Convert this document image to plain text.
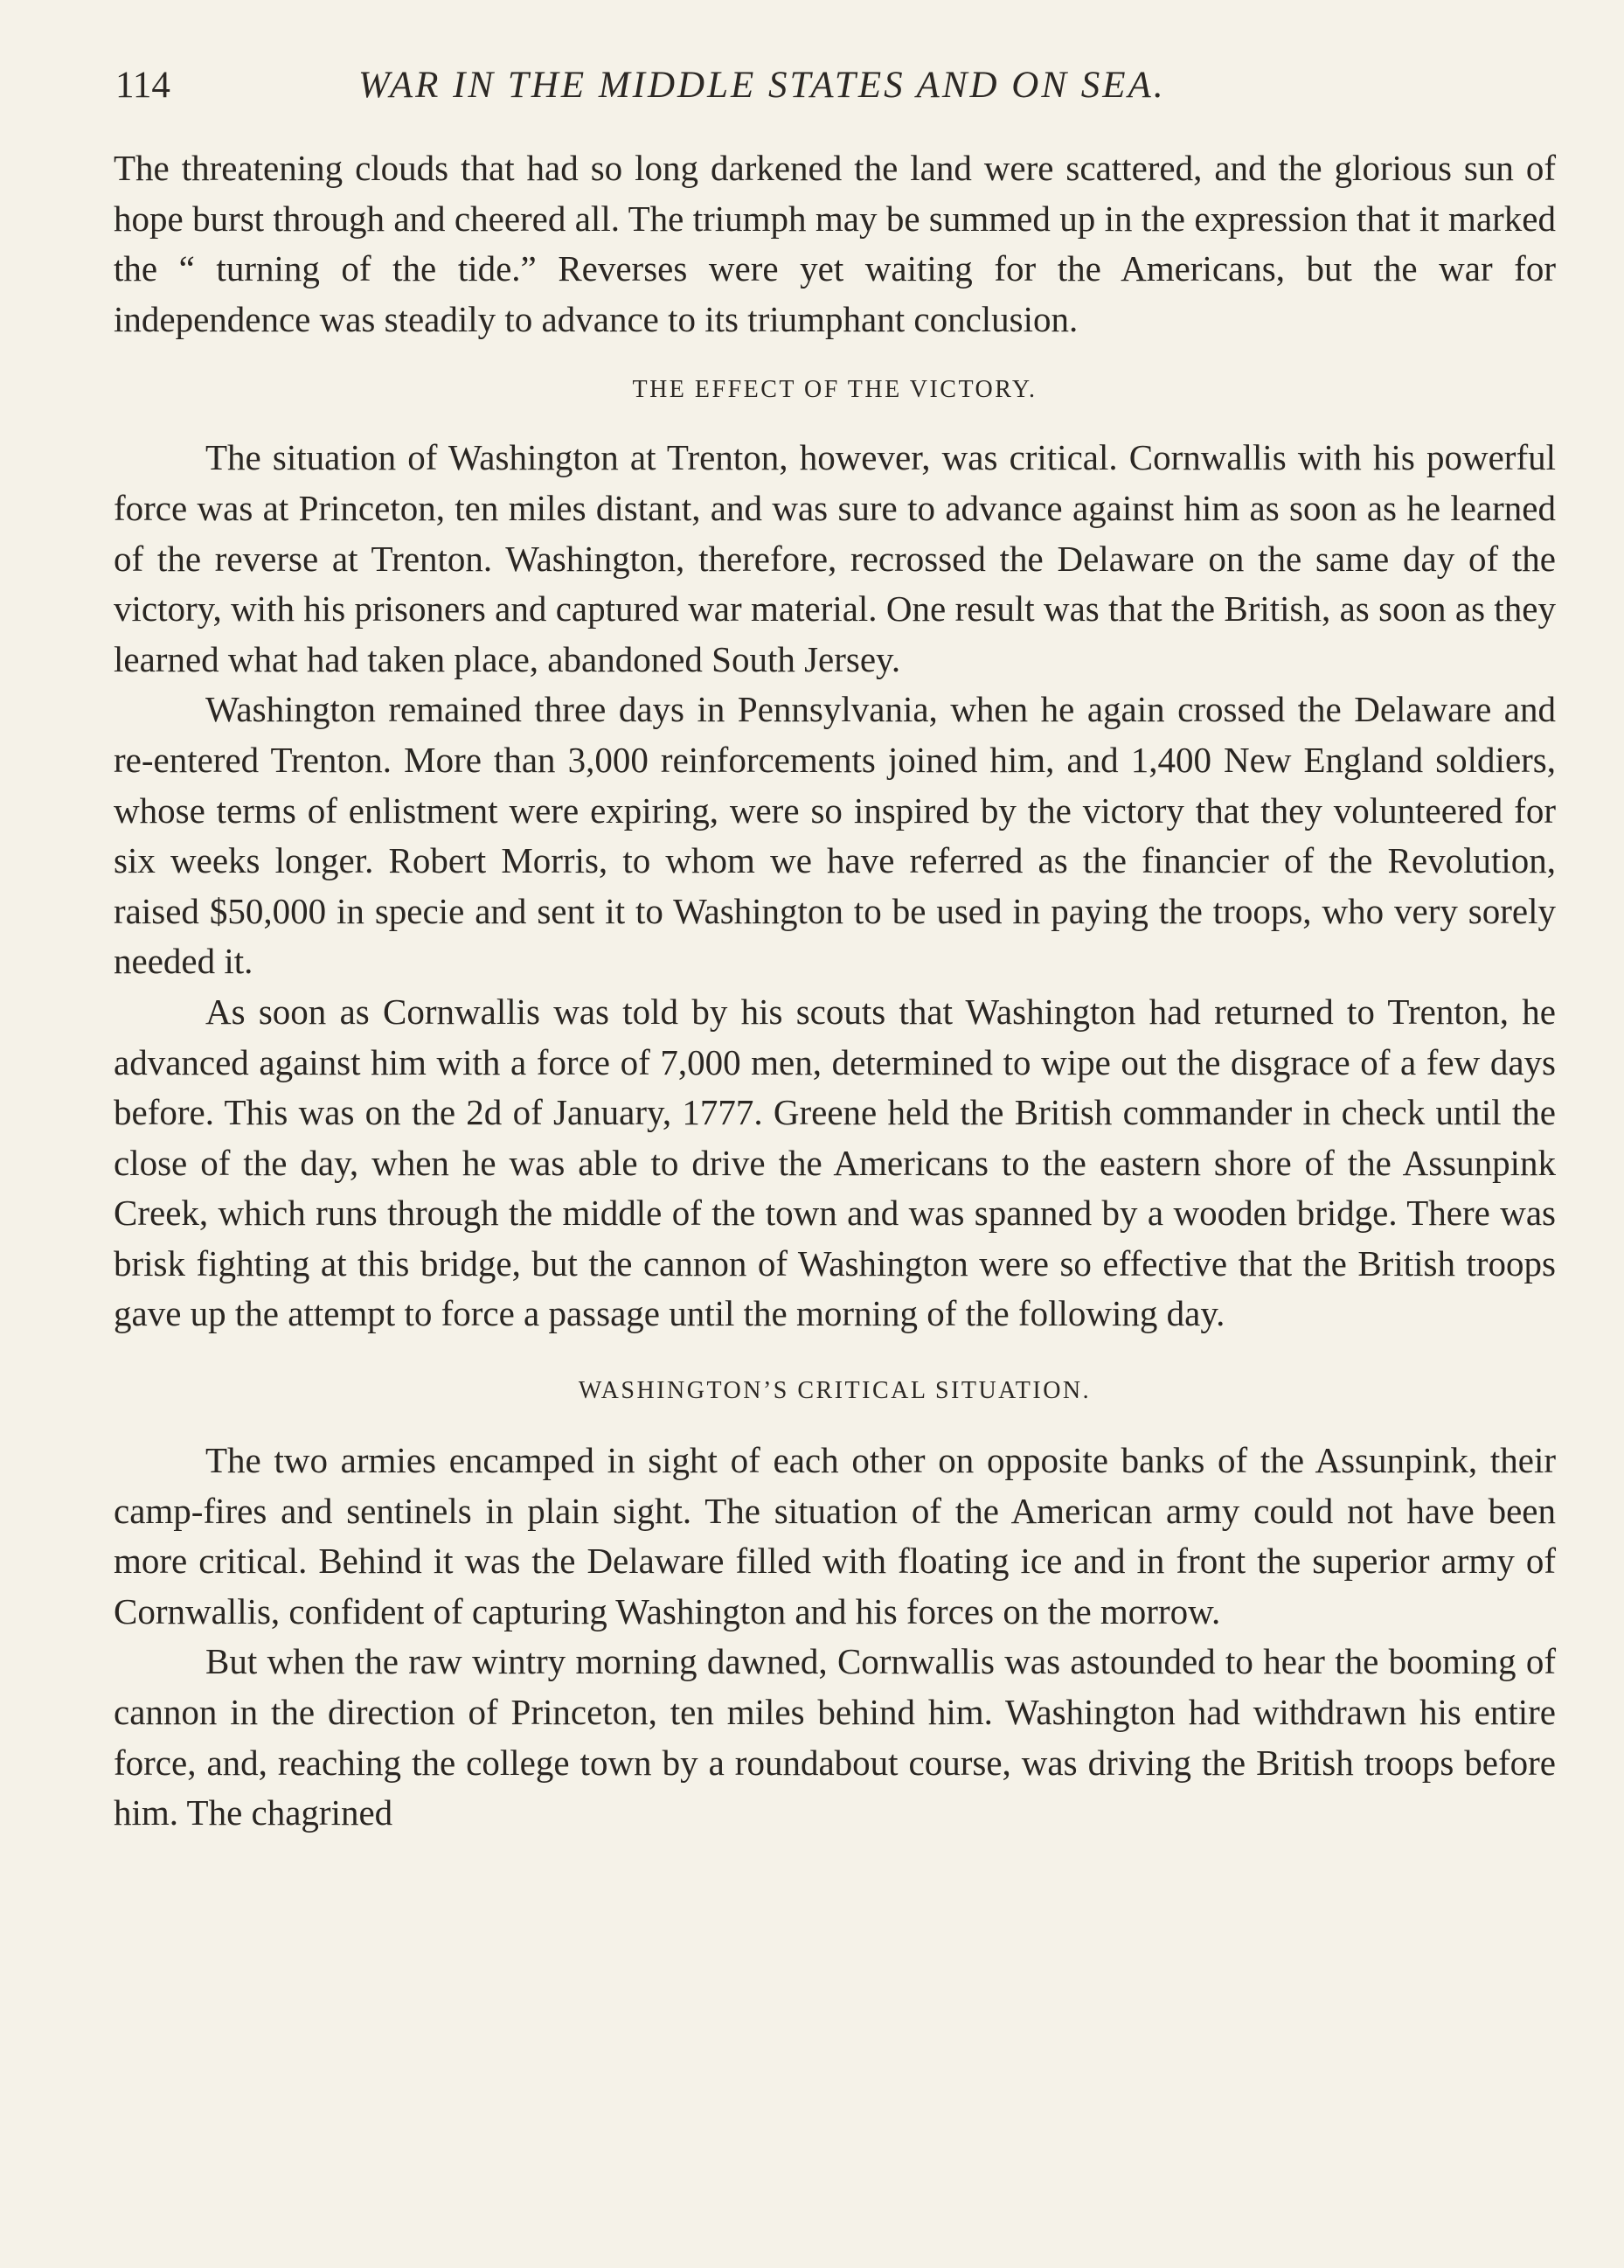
114	WAR IN THE MIDDLE STATES AND ON SEA.

The threatening clouds that had so long darkened the land were scattered, and the glorious sun of hope burst through and cheered all. The triumph may be summed up in the expression that it marked the “ turning of the tide.” Reverses were yet waiting for the Americans, but the war for independence was steadily to advance to its triumphant conclusion.

THE EFFECT OF THE VICTORY.

The situation of Washington at Trenton, however, was critical. Cornwallis with his powerful force was at Princeton, ten miles distant, and was sure to advance against him as soon as he learned of the reverse at Trenton. Washington, therefore, recrossed the Delaware on the same day of the victory, with his prisoners and captured war material. One result was that the British, as soon as they learned what had taken place, abandoned South Jersey.

Washington remained three days in Pennsylvania, when he again crossed the Delaware and re-entered Trenton. More than 3,000 reinforcements joined him, and 1,400 New England soldiers, whose terms of enlistment were expiring, were so inspired by the victory that they volunteered for six weeks longer. Robert Morris, to whom we have referred as the financier of the Revolution, raised $50,000 in specie and sent it to Washington to be used in paying the troops, who very sorely needed it.

As soon as Cornwallis was told by his scouts that Washington had returned to Trenton, he advanced against him with a force of 7,000 men, determined to wipe out the disgrace of a few days before. This was on the 2d of January, 1777. Greene held the British commander in check until the close of the day, when he was able to drive the Americans to the eastern shore of the Assunpink Creek, which runs through the middle of the town and was spanned by a wooden bridge. There was brisk fighting at this bridge, but the cannon of Washington were so effective that the British troops gave up the attempt to force a passage until the morning of the following day.

WASHINGTON’S CRITICAL SITUATION.

The two armies encamped in sight of each other on opposite banks of the Assunpink, their camp-fires and sentinels in plain sight. The situation of the American army could not have been more critical. Behind it was the Delaware filled with floating ice and in front the superior army of Cornwallis, confident of capturing Washington and his forces on the morrow.

But when the raw wintry morning dawned, Cornwallis was astounded to hear the booming of cannon in the direction of Princeton, ten miles behind him. Washington had withdrawn his entire force, and, reaching the college town by a roundabout course, was driving the British troops before him. The chagrined
